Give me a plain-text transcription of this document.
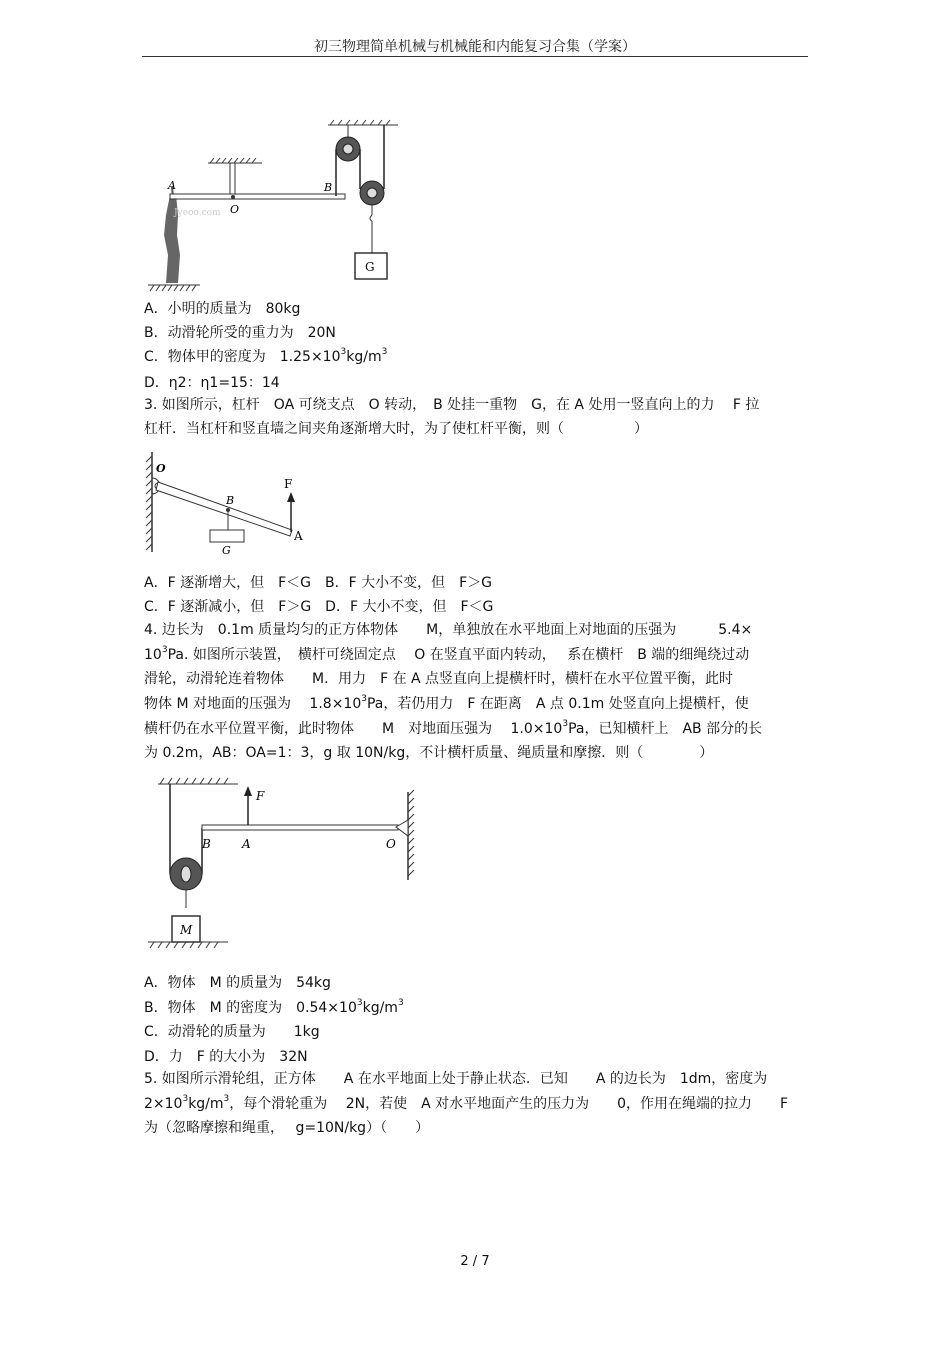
初三物理简单机械与机械能和内能复习合集（学案）
A
O
B
Jyeoo.com
G
A．小明的质量为　80kg
B．动滑轮所受的重力为　20N
C．物体甲的密度为　$1.25\times 10^3kg/m^3$
D．η2：η1=15：14
3. 如图所示，杠杆　OA 可绕支点　O 转动，　B 处挂一重物　G，在 A 处用一竖直向上的力　 F 拉
杠杆．当杠杆和竖直墙之间夹角逐渐增大时，为了使杠杆平衡，则（　　　　　）
O
B
G
F
A
A．F 逐渐增大，但　F＜G　B．F 大小不变，但　F＞G
C．F 逐渐减小，但　F＞G　D．F 大小不变，但　F＜G
4. 边长为　0.1m 质量均匀的正方体物体　　M，单独放在水平地面上对地面的压强为　　　5.4×
$10^3Pa$. 如图所示装置，　横杆可绕固定点　 O 在竖直平面内转动，　 系在横杆　B 端的细绳绕过动
滑轮，动滑轮连着物体　　M．用力　F 在 A 点竖直向上提横杆时，横杆在水平位置平衡，此时
物体 M 对地面的压强为　 $1.8\times 10^3Pa$，若仍用力　F 在距离　A 点 0.1m 处竖直向上提横杆，使
横杆仍在水平位置平衡，此时物体　　M　对地面压强为　 $1.0\times 10^3Pa$，已知横杆上　AB 部分的长
为 0.2m，AB：OA=1：3，g 取 10N/kg，不计横杆质量、绳质量和摩擦．则（　　　　）
M
F
B	A	O
A．物体　M 的质量为　54kg
B．物体　M 的密度为　$0.54\times 10^3kg/m^3$
C．动滑轮的质量为　　1kg
D．力　F 的大小为　32N
5. 如图所示滑轮组，正方体　　A 在水平地面上处于静止状态．已知　　A 的边长为　1dm，密度为
$2\times 10^3kg/m^3$，每个滑轮重为　 2N，若使　A 对水平地面产生的压力为　　0，作用在绳端的拉力　　F
为（忽略摩擦和绳重，　 g=10N/kg）（　　）
2 / 7
